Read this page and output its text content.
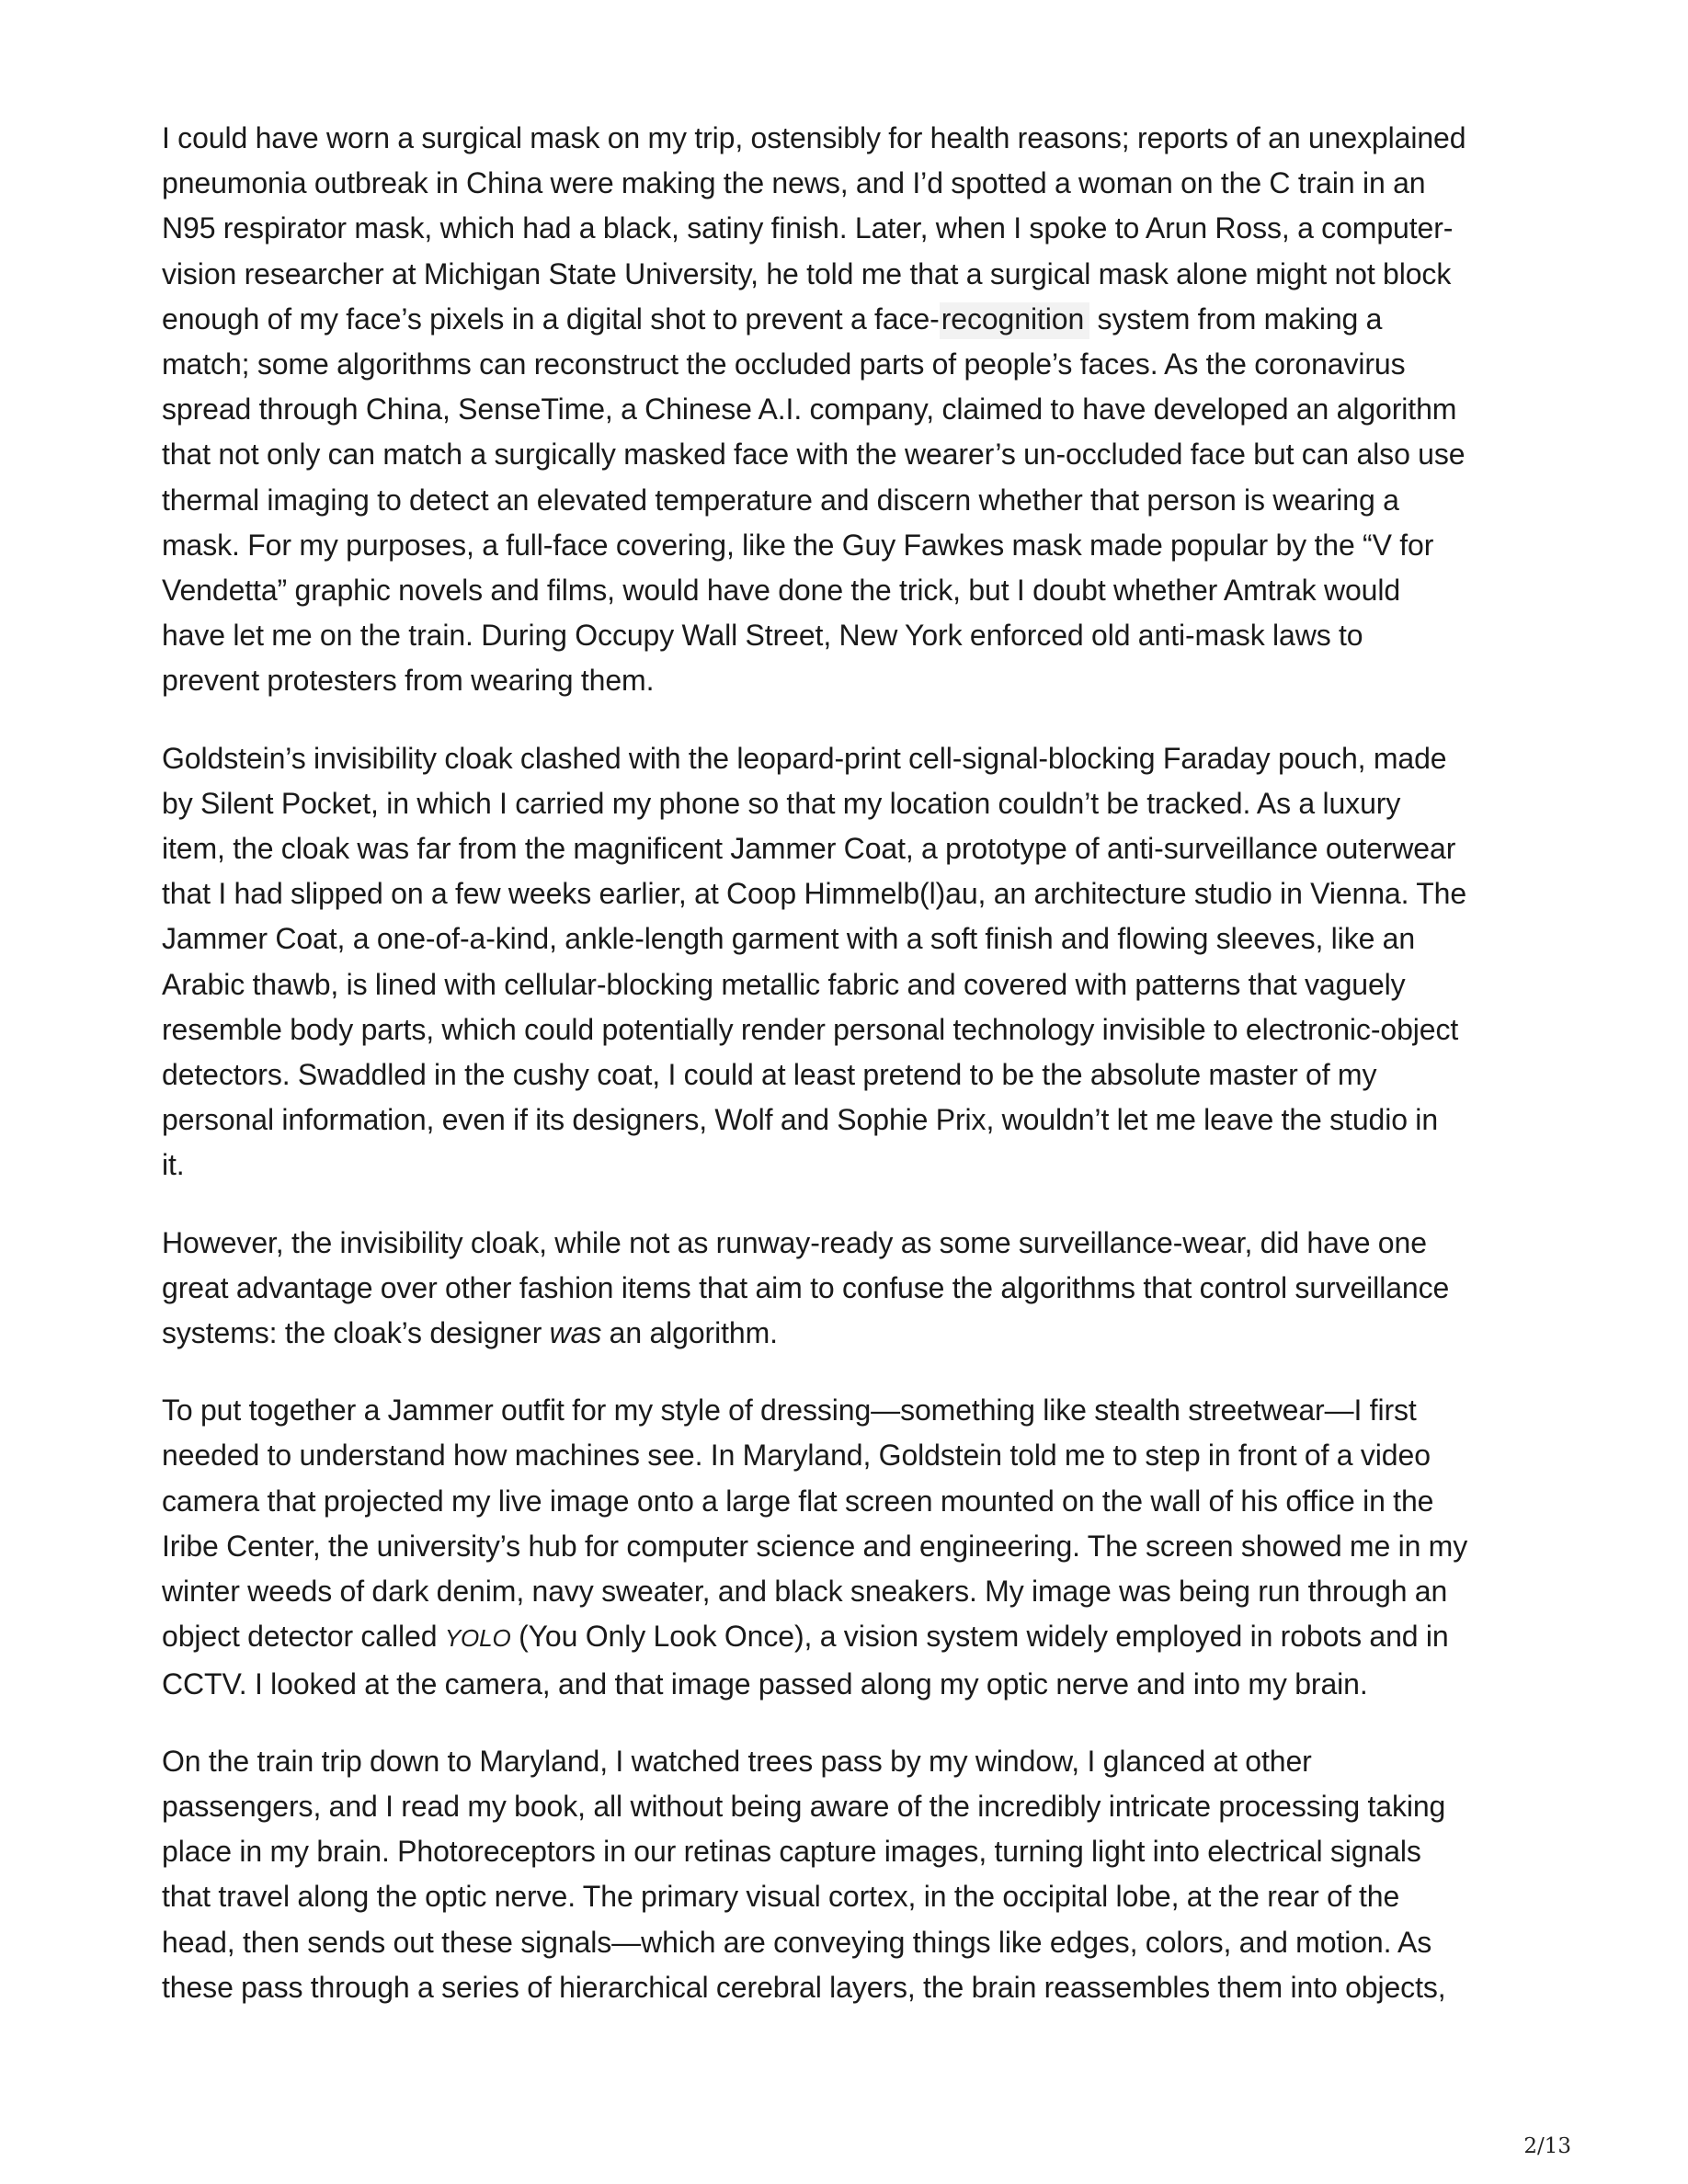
I could have worn a surgical mask on my trip, ostensibly for health reasons; reports of an unexplained
pneumonia outbreak in China were making the news, and I’d spotted a woman on the C train in an
N95 respirator mask, which had a black, satiny finish. Later, when I spoke to Arun Ross, a computer-
vision researcher at Michigan State University, he told me that a surgical mask alone might not block
enough of my face’s pixels in a digital shot to prevent a face-recognition system from making a
match; some algorithms can reconstruct the occluded parts of people’s faces. As the coronavirus
spread through China, SenseTime, a Chinese A.I. company, claimed to have developed an algorithm
that not only can match a surgically masked face with the wearer’s un-occluded face but can also use
thermal imaging to detect an elevated temperature and discern whether that person is wearing a
mask. For my purposes, a full-face covering, like the Guy Fawkes mask made popular by the “V for
Vendetta” graphic novels and films, would have done the trick, but I doubt whether Amtrak would
have let me on the train. During Occupy Wall Street, New York enforced old anti-mask laws to
prevent protesters from wearing them.

Goldstein’s invisibility cloak clashed with the leopard-print cell-signal-blocking Faraday pouch, made
by Silent Pocket, in which I carried my phone so that my location couldn’t be tracked. As a luxury
item, the cloak was far from the magnificent Jammer Coat, a prototype of anti-surveillance outerwear
that I had slipped on a few weeks earlier, at Coop Himmelb(l)au, an architecture studio in Vienna. The
Jammer Coat, a one-of-a-kind, ankle-length garment with a soft finish and flowing sleeves, like an
Arabic thawb, is lined with cellular-blocking metallic fabric and covered with patterns that vaguely
resemble body parts, which could potentially render personal technology invisible to electronic-object
detectors. Swaddled in the cushy coat, I could at least pretend to be the absolute master of my
personal information, even if its designers, Wolf and Sophie Prix, wouldn’t let me leave the studio in
it.

However, the invisibility cloak, while not as runway-ready as some surveillance-wear, did have one
great advantage over other fashion items that aim to confuse the algorithms that control surveillance
systems: the cloak’s designer was an algorithm.

To put together a Jammer outfit for my style of dressing—something like stealth streetwear—I first
needed to understand how machines see. In Maryland, Goldstein told me to step in front of a video
camera that projected my live image onto a large flat screen mounted on the wall of his office in the
Iribe Center, the university’s hub for computer science and engineering. The screen showed me in my
winter weeds of dark denim, navy sweater, and black sneakers. My image was being run through an
object detector called YOLO (You Only Look Once), a vision system widely employed in robots and in
CCTV. I looked at the camera, and that image passed along my optic nerve and into my brain.

On the train trip down to Maryland, I watched trees pass by my window, I glanced at other
passengers, and I read my book, all without being aware of the incredibly intricate processing taking
place in my brain. Photoreceptors in our retinas capture images, turning light into electrical signals
that travel along the optic nerve. The primary visual cortex, in the occipital lobe, at the rear of the
head, then sends out these signals—which are conveying things like edges, colors, and motion. As
these pass through a series of hierarchical cerebral layers, the brain reassembles them into objects,

2/13
